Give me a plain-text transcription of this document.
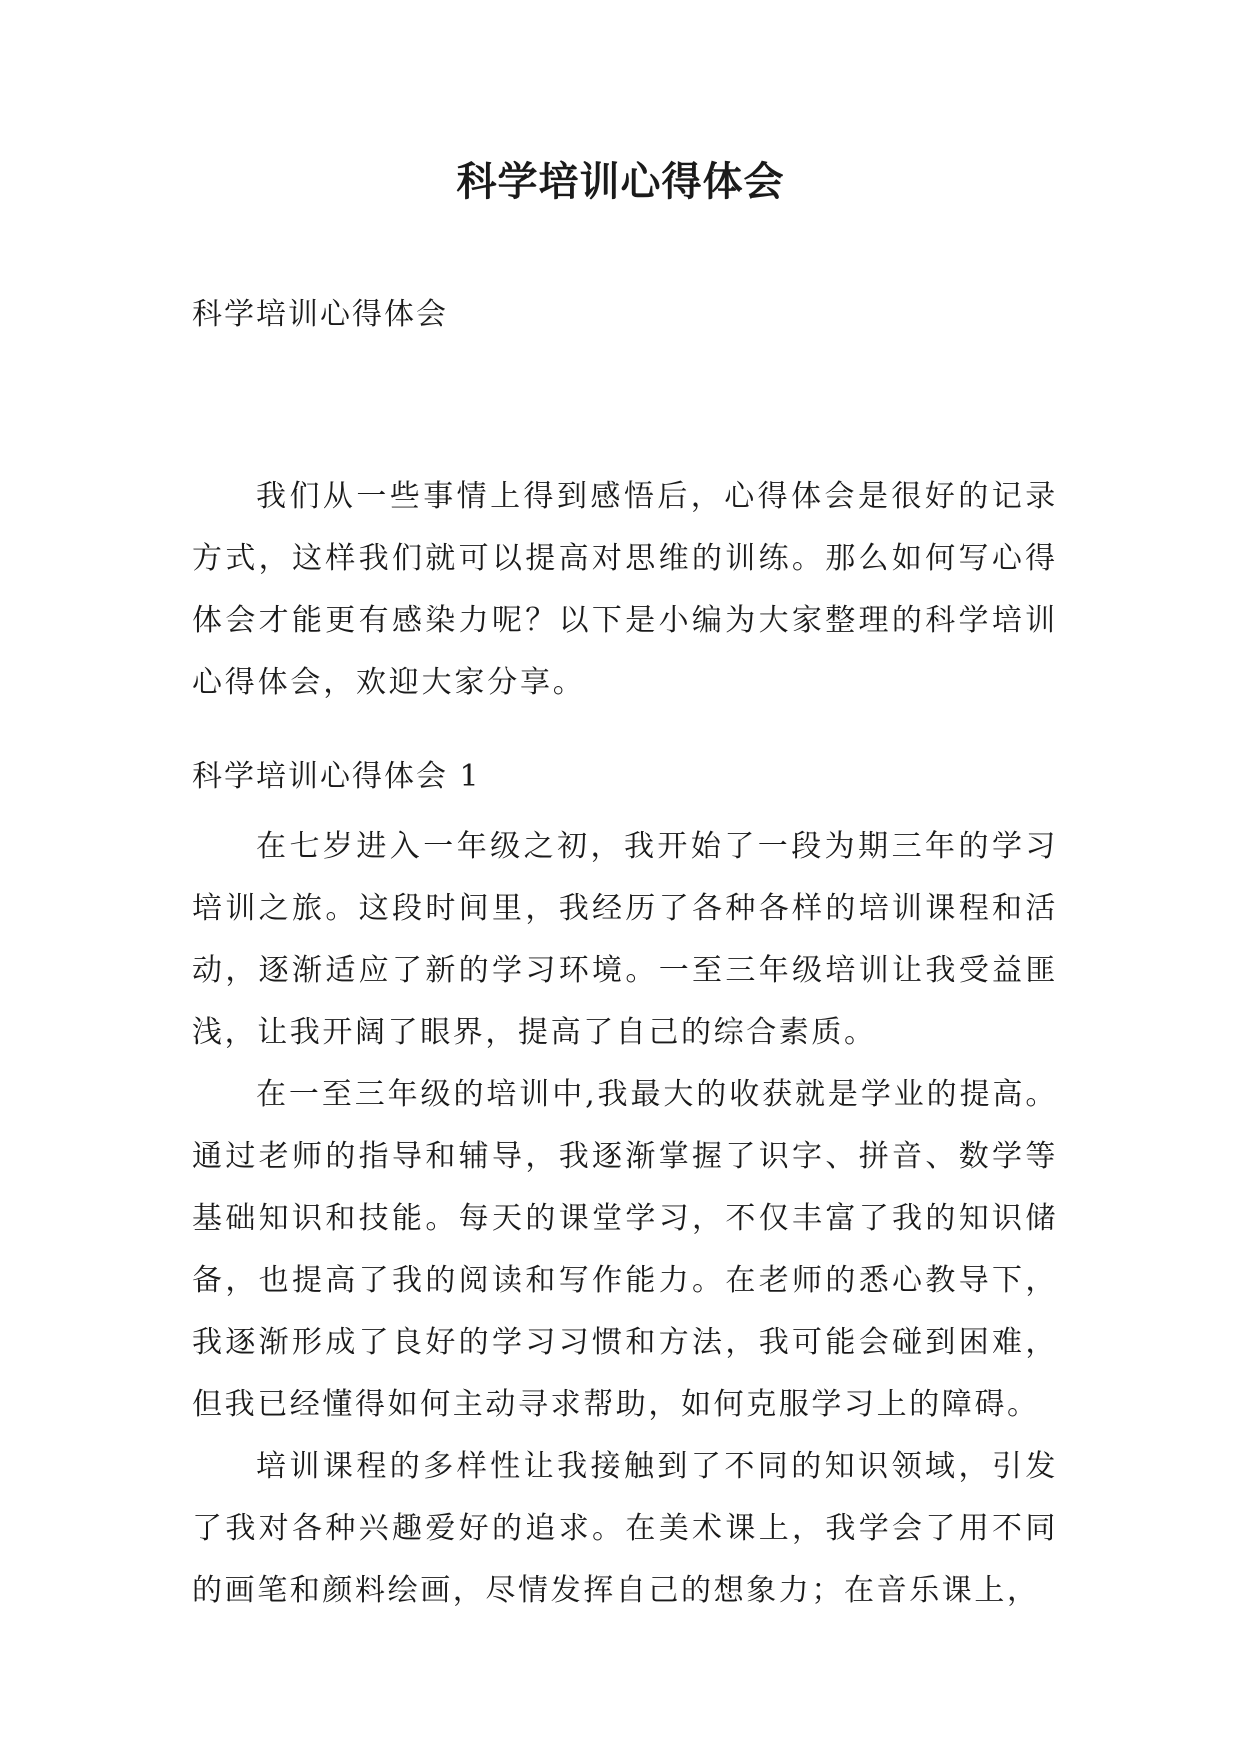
科学培训心得体会

科学培训心得体会

我们从一些事情上得到感悟后，心得体会是很好的记录方式，这样我们就可以提高对思维的训练。那么如何写心得体会才能更有感染力呢？以下是小编为大家整理的科学培训心得体会，欢迎大家分享。

科学培训心得体会 1

在七岁进入一年级之初，我开始了一段为期三年的学习培训之旅。这段时间里，我经历了各种各样的培训课程和活动，逐渐适应了新的学习环境。一至三年级培训让我受益匪浅，让我开阔了眼界，提高了自己的综合素质。

在一至三年级的培训中,我最大的收获就是学业的提高。通过老师的指导和辅导，我逐渐掌握了识字、拼音、数学等基础知识和技能。每天的课堂学习，不仅丰富了我的知识储备，也提高了我的阅读和写作能力。在老师的悉心教导下，我逐渐形成了良好的学习习惯和方法，我可能会碰到困难，但我已经懂得如何主动寻求帮助，如何克服学习上的障碍。

培训课程的多样性让我接触到了不同的知识领域，引发了我对各种兴趣爱好的追求。在美术课上，我学会了用不同的画笔和颜料绘画，尽情发挥自己的想象力；在音乐课上，
